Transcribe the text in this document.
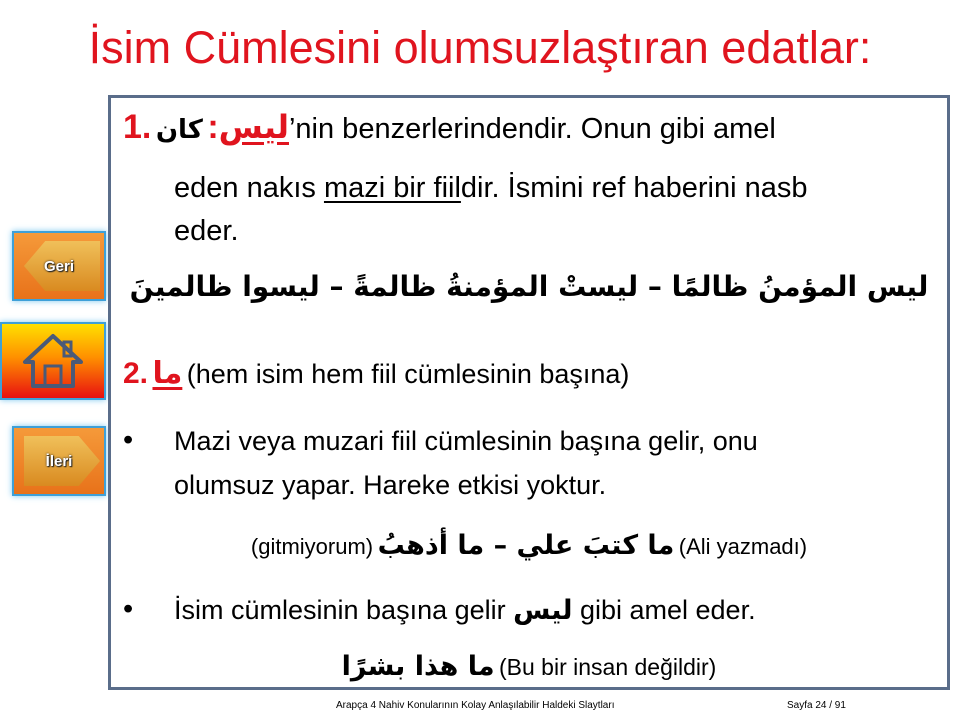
İsim Cümlesini olumsuzlaştıran edatlar:
Geri
İleri
1. ليس: كان	’nin benzerlerindendir. Onun gibi amel
eden nakıs mazi bir fiildir. İsmini ref haberini nasb
eder.
ليس المؤمنُ ظالمًا – ليستْ المؤمنةُ ظالمةً – ليسوا ظالمينَ
2. ما (hem isim hem fiil cümlesinin başına)
• Mazi veya muzari fiil cümlesinin başına gelir, onu
olumsuz yapar. Hareke etkisi yoktur.
(gitmiyorum) ما كتبَ علي – ما أذهبُ (Ali yazmadı)
• İsim cümlesinin başına gelir ليس gibi amel eder.
ما هذا بشرًا (Bu bir insan değildir)
Arapça 4 Nahiv Konularının Kolay Anlaşılabilir Haldeki Slaytları	Sayfa 24 / 91
